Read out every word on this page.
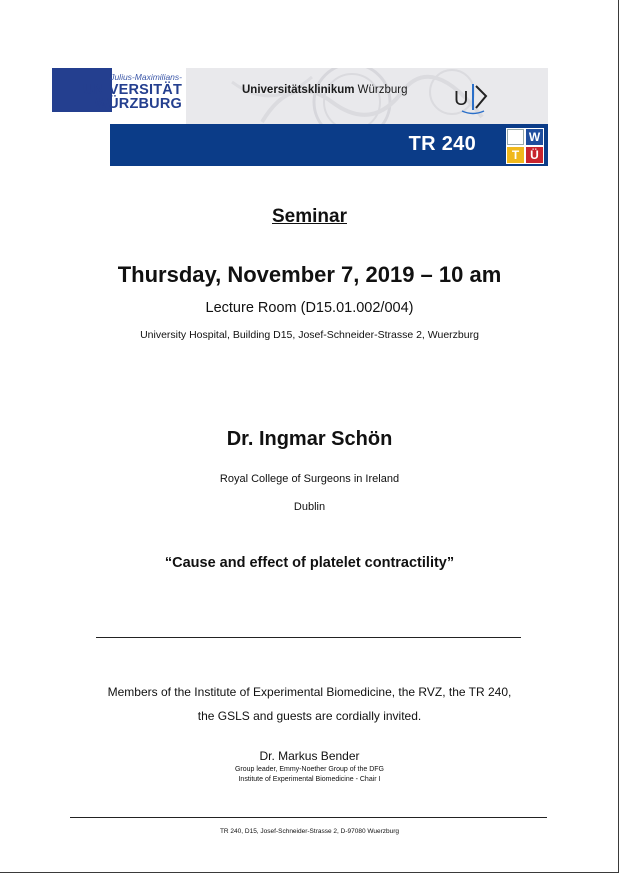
Julius-Maximilians-
UNIVERSITÄT
WÜRZBURG
Universitätsklinikum Würzburg U
TR 240	W
T Ü
Seminar
Thursday, November 7, 2019 – 10 am
Lecture Room (D15.01.002/004)
University Hospital, Building D15, Josef-Schneider-Strasse 2, Wuerzburg
Dr. Ingmar Schön
Royal College of Surgeons in Ireland
Dublin
“Cause and effect of platelet contractility”
Members of the Institute of Experimental Biomedicine, the RVZ, the TR 240,
the GSLS and guests are cordially invited.
Dr. Markus Bender
Group leader, Emmy-Noether Group of the DFG
Institute of Experimental Biomedicine - Chair I
TR 240, D15, Josef-Schneider-Strasse 2, D-97080 Wuerzburg
